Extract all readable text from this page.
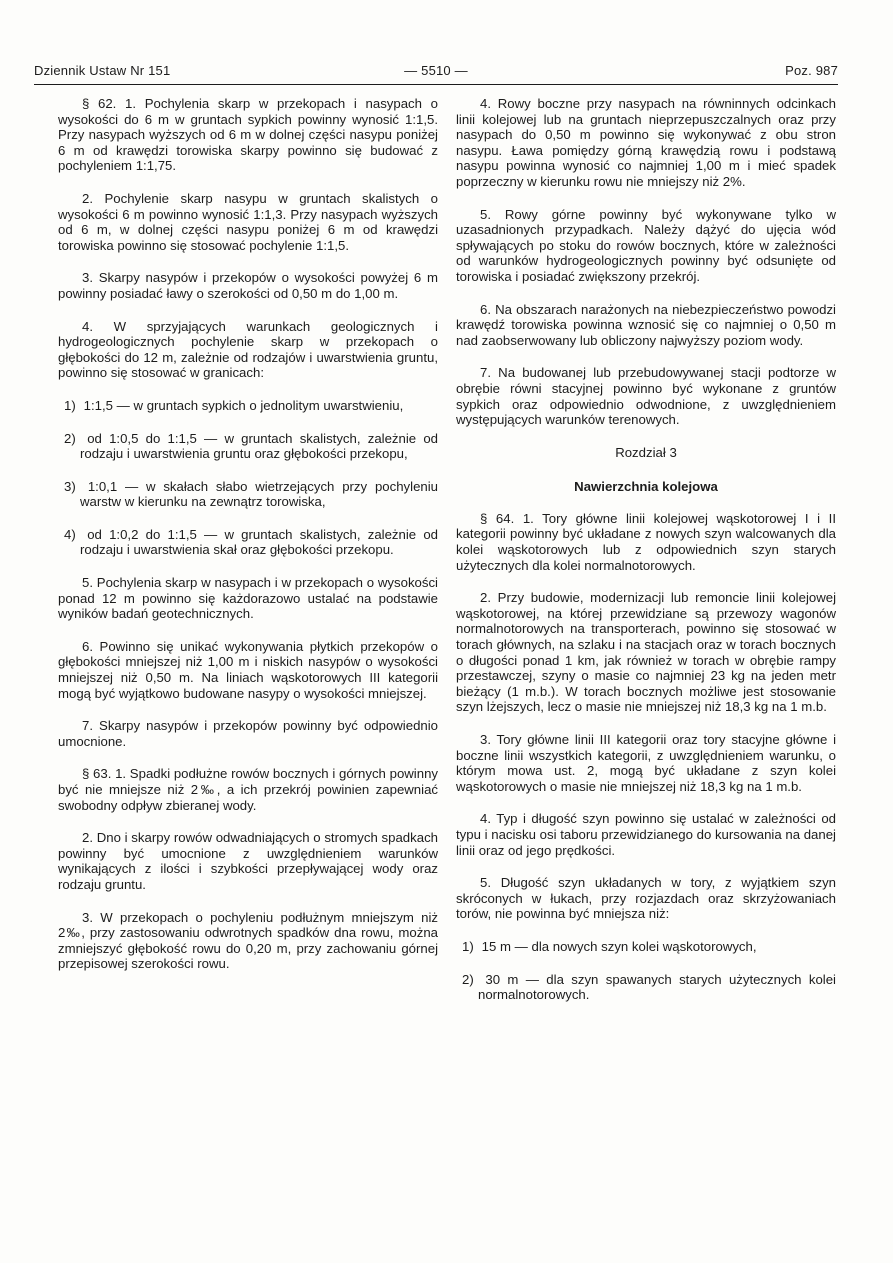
Dziennik Ustaw Nr 151	— 5510 —	Poz. 987

§ 62. 1. Pochylenia skarp w przekopach i nasypach o wysokości do 6 m w gruntach sypkich powinny wynosić 1:1,5. Przy nasypach wyższych od 6 m w dolnej części nasypu poniżej 6 m od krawędzi torowiska skarpy powinno się budować z pochyleniem 1:1,75.

2. Pochylenie skarp nasypu w gruntach skalistych o wysokości 6 m powinno wynosić 1:1,3. Przy nasypach wyższych od 6 m, w dolnej części nasypu poniżej 6 m od krawędzi torowiska powinno się stosować pochylenie 1:1,5.

3. Skarpy nasypów i przekopów o wysokości powyżej 6 m powinny posiadać ławy o szerokości od 0,50 m do 1,00 m.

4. W sprzyjających warunkach geologicznych i hydrogeologicznych pochylenie skarp w przekopach o głębokości do 12 m, zależnie od rodzajów i uwarstwienia gruntu, powinno się stosować w granicach:

1) 1:1,5 — w gruntach sypkich o jednolitym uwarstwieniu,
2) od 1:0,5 do 1:1,5 — w gruntach skalistych, zależnie od rodzaju i uwarstwienia gruntu oraz głębokości przekopu,
3) 1:0,1 — w skałach słabo wietrzejących przy pochyleniu warstw w kierunku na zewnątrz torowiska,
4) od 1:0,2 do 1:1,5 — w gruntach skalistych, zależnie od rodzaju i uwarstwienia skał oraz głębokości przekopu.

5. Pochylenia skarp w nasypach i w przekopach o wysokości ponad 12 m powinno się każdorazowo ustalać na podstawie wyników badań geotechnicznych.

6. Powinno się unikać wykonywania płytkich przekopów o głębokości mniejszej niż 1,00 m i niskich nasypów o wysokości mniejszej niż 0,50 m. Na liniach wąskotorowych III kategorii mogą być wyjątkowo budowane nasypy o wysokości mniejszej.

7. Skarpy nasypów i przekopów powinny być odpowiednio umocnione.

§ 63. 1. Spadki podłużne rowów bocznych i górnych powinny być nie mniejsze niż 2‰, a ich przekrój powinien zapewniać swobodny odpływ zbieranej wody.

2. Dno i skarpy rowów odwadniających o stromych spadkach powinny być umocnione z uwzględnieniem warunków wynikających z ilości i szybkości przepływającej wody oraz rodzaju gruntu.

3. W przekopach o pochyleniu podłużnym mniejszym niż 2‰, przy zastosowaniu odwrotnych spadków dna rowu, można zmniejszyć głębokość rowu do 0,20 m, przy zachowaniu górnej przepisowej szerokości rowu.

4. Rowy boczne przy nasypach na równinnych odcinkach linii kolejowej lub na gruntach nieprzepuszczalnych oraz przy nasypach do 0,50 m powinno się wykonywać z obu stron nasypu. Ława pomiędzy górną krawędzią rowu i podstawą nasypu powinna wynosić co najmniej 1,00 m i mieć spadek poprzeczny w kierunku rowu nie mniejszy niż 2%.

5. Rowy górne powinny być wykonywane tylko w uzasadnionych przypadkach. Należy dążyć do ujęcia wód spływających po stoku do rowów bocznych, które w zależności od warunków hydrogeologicznych powinny być odsunięte od torowiska i posiadać zwiększony przekrój.

6. Na obszarach narażonych na niebezpieczeństwo powodzi krawędź torowiska powinna wznosić się co najmniej o 0,50 m nad zaobserwowany lub obliczony najwyższy poziom wody.

7. Na budowanej lub przebudowywanej stacji podtorze w obrębie równi stacyjnej powinno być wykonane z gruntów sypkich oraz odpowiednio odwodnione, z uwzględnieniem występujących warunków terenowych.

Rozdział 3
Nawierzchnia kolejowa

§ 64. 1. Tory główne linii kolejowej wąskotorowej I i II kategorii powinny być układane z nowych szyn walcowanych dla kolei wąskotorowych lub z odpowiednich szyn starych użytecznych dla kolei normalnotorowych.

2. Przy budowie, modernizacji lub remoncie linii kolejowej wąskotorowej, na której przewidziane są przewozy wagonów normalnotorowych na transporterach, powinno się stosować w torach głównych, na szlaku i na stacjach oraz w torach bocznych o długości ponad 1 km, jak również w torach w obrębie rampy przestawczej, szyny o masie co najmniej 23 kg na jeden metr bieżący (1 m.b.). W torach bocznych możliwe jest stosowanie szyn lżejszych, lecz o masie nie mniejszej niż 18,3 kg na 1 m.b.

3. Tory główne linii III kategorii oraz tory stacyjne główne i boczne linii wszystkich kategorii, z uwzględnieniem warunku, o którym mowa ust. 2, mogą być układane z szyn kolei wąskotorowych o masie nie mniejszej niż 18,3 kg na 1 m.b.

4. Typ i długość szyn powinno się ustalać w zależności od typu i nacisku osi taboru przewidzianego do kursowania na danej linii oraz od jego prędkości.

5. Długość szyn układanych w tory, z wyjątkiem szyn skróconych w łukach, przy rozjazdach oraz skrzyżowaniach torów, nie powinna być mniejsza niż:

1) 15 m — dla nowych szyn kolei wąskotorowych,
2) 30 m — dla szyn spawanych starych użytecznych kolei normalnotorowych.
